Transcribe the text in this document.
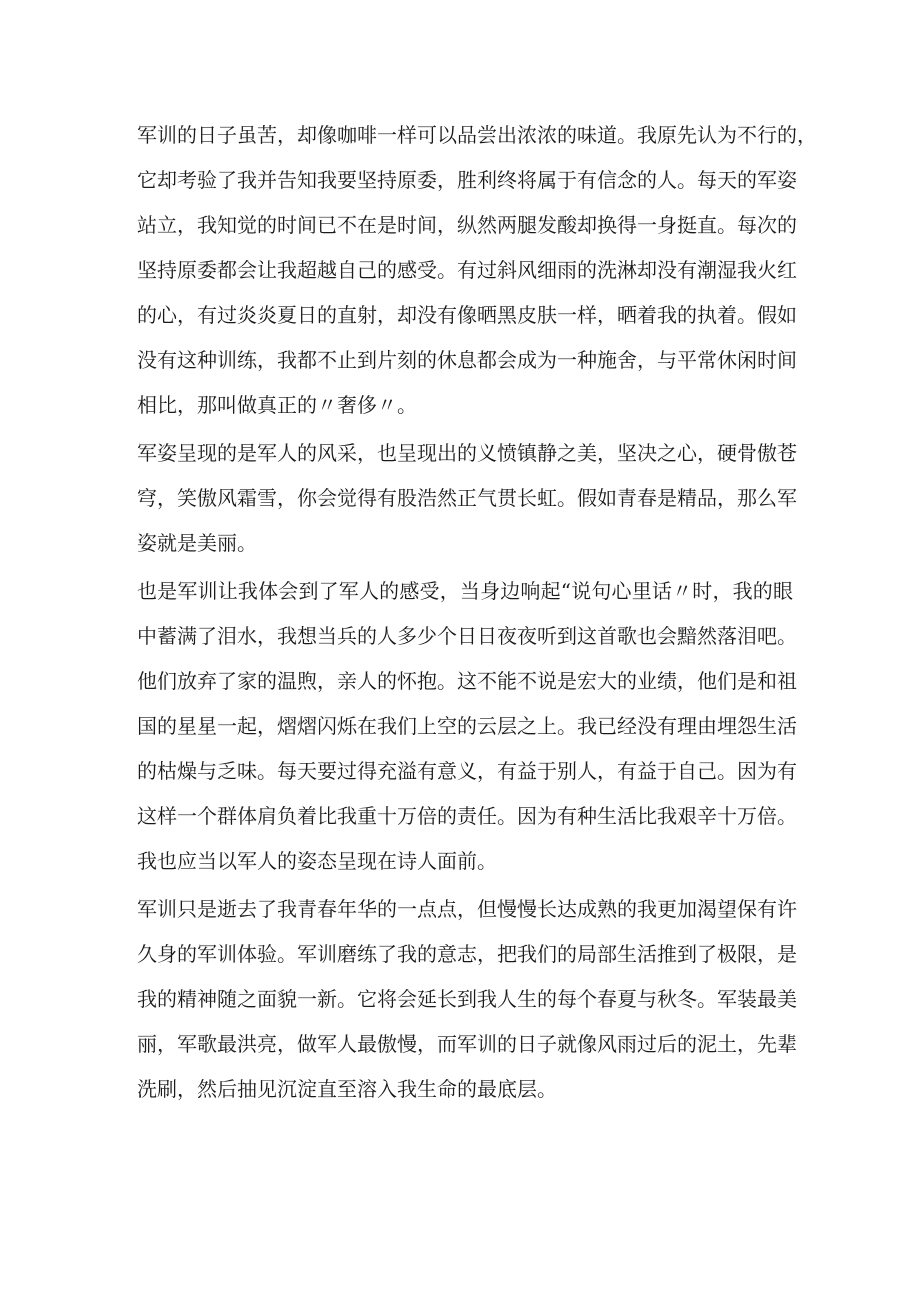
军训的日子虽苦，却像咖啡一样可以品尝出浓浓的味道。我原先认为不行的，
它却考验了我并告知我要坚持原委，胜利终将属于有信念的人。每天的军姿
站立，我知觉的时间已不在是时间，纵然两腿发酸却换得一身挺直。每次的
坚持原委都会让我超越自己的感受。有过斜风细雨的洗淋却没有潮湿我火红
的心，有过炎炎夏日的直射，却没有像晒黑皮肤一样，晒着我的执着。假如
没有这种训练，我都不止到片刻的休息都会成为一种施舍，与平常休闲时间
相比，那叫做真正的〃奢侈〃。
军姿呈现的是军人的风采，也呈现出的义愤镇静之美，坚决之心，硬骨傲苍
穹，笑傲风霜雪，你会觉得有股浩然正气贯长虹。假如青春是精品，那么军
姿就是美丽。
也是军训让我体会到了军人的感受，当身边响起“说句心里话〃时，我的眼
中蓄满了泪水，我想当兵的人多少个日日夜夜听到这首歌也会黯然落泪吧。
他们放弃了家的温煦，亲人的怀抱。这不能不说是宏大的业绩，他们是和祖
国的星星一起，熠熠闪烁在我们上空的云层之上。我已经没有理由埋怨生活
的枯燥与乏味。每天要过得充溢有意义，有益于别人，有益于自己。因为有
这样一个群体肩负着比我重十万倍的责任。因为有种生活比我艰辛十万倍。
我也应当以军人的姿态呈现在诗人面前。
军训只是逝去了我青春年华的一点点，但慢慢长达成熟的我更加渴望保有许
久身的军训体验。军训磨练了我的意志，把我们的局部生活推到了极限，是
我的精神随之面貌一新。它将会延长到我人生的每个春夏与秋冬。军装最美
丽，军歌最洪亮，做军人最傲慢，而军训的日子就像风雨过后的泥土，先辈
洗刷，然后抽见沉淀直至溶入我生命的最底层。
